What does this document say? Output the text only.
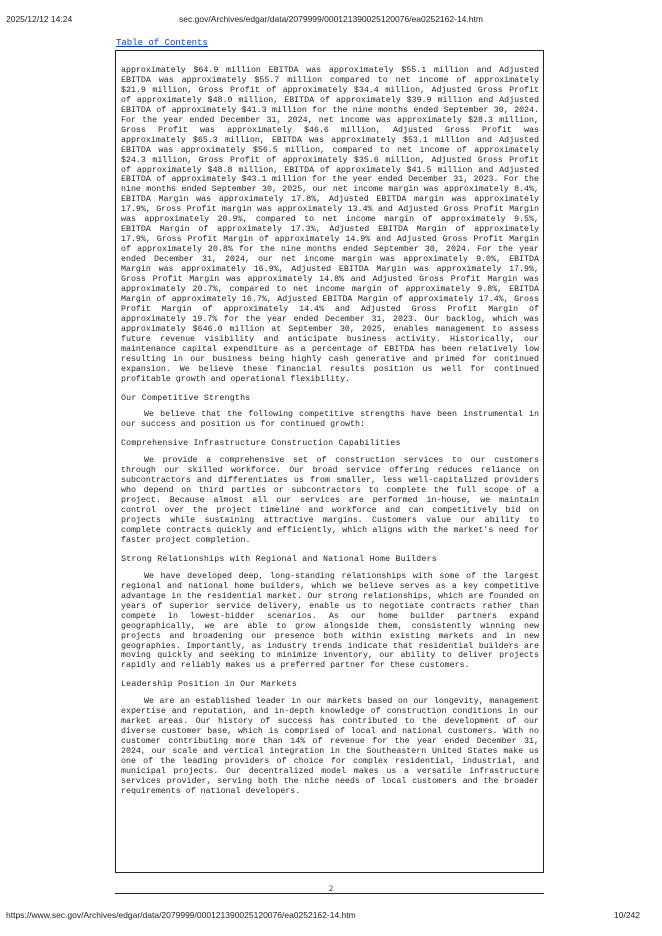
2025/12/12 14:24	sec.gov/Archives/edgar/data/2079999/000121390025120076/ea0252162-14.htm
Table of Contents

approximately $64.9 million EBITDA was approximately $55.1 million and Adjusted EBITDA was approximately $55.7 million compared to net income of approximately $21.9 million, Gross Profit of approximately $34.4 million, Adjusted Gross Profit of approximately $48.0 million, EBITDA of approximately $39.9 million and Adjusted EBITDA of approximately $41.3 million for the nine months ended September 30, 2024. For the year ended December 31, 2024, net income was approximately $28.3 million, Gross Profit was approximately $46.6 million, Adjusted Gross Profit was approximately $65.3 million, EBITDA was approximately $53.1 million and Adjusted EBITDA was approximately $56.5 million, compared to net income of approximately $24.3 million, Gross Profit of approximately $35.6 million, Adjusted Gross Profit of approximately $48.8 million, EBITDA of approximately $41.5 million and Adjusted EBITDA of approximately $43.1 million for the year ended December 31, 2023. For the nine months ended September 30, 2025, our net income margin was approximately 8.4%, EBITDA Margin was approximately 17.8%, Adjusted EBITDA margin was approximately 17.9%, Gross Profit margin was approximately 13.4% and Adjusted Gross Profit Margin was approximately 20.9%, compared to net income margin of approximately 9.5%, EBITDA Margin of approximately 17.3%, Adjusted EBITDA Margin of approximately 17.9%, Gross Profit Margin of approximately 14.9% and Adjusted Gross Profit Margin of approximately 20.8% for the nine months ended September 30, 2024. For the year ended December 31, 2024, our net income margin was approximately 9.0%, EBITDA Margin was approximately 16.9%, Adjusted EBITDA Margin was approximately 17.9%, Gross Profit Margin was approximately 14.8% and Adjusted Gross Profit Margin was approximately 20.7%, compared to net income margin of approximately 9.8%, EBITDA Margin of approximately 16.7%, Adjusted EBITDA Margin of approximately 17.4%, Gross Profit Margin of approximately 14.4% and Adjusted Gross Profit Margin of approximately 19.7% for the year ended December 31, 2023. Our backlog, which was approximately $646.0 million at September 30, 2025, enables management to assess future revenue visibility and anticipate business activity. Historically, our maintenance capital expenditure as a percentage of EBITDA has been relatively low resulting in our business being highly cash generative and primed for continued expansion. We believe these financial results position us well for continued profitable growth and operational flexibility.

Our Competitive Strengths

We believe that the following competitive strengths have been instrumental in our success and position us for continued growth:

Comprehensive Infrastructure Construction Capabilities

We provide a comprehensive set of construction services to our customers through our skilled workforce. Our broad service offering reduces reliance on subcontractors and differentiates us from smaller, less well-capitalized providers who depend on third parties or subcontractors to complete the full scope of a project. Because almost all our services are performed in-house, we maintain control over the project timeline and workforce and can competitively bid on projects while sustaining attractive margins. Customers value our ability to complete contracts quickly and efficiently, which aligns with the market’s need for faster project completion.

Strong Relationships with Regional and National Home Builders

We have developed deep, long-standing relationships with some of the largest regional and national home builders, which we believe serves as a key competitive advantage in the residential market. Our strong relationships, which are founded on years of superior service delivery, enable us to negotiate contracts rather than compete in lowest-bidder scenarios. As our home builder partners expand geographically, we are able to grow alongside them, consistently winning new projects and broadening our presence both within existing markets and in new geographies. Importantly, as industry trends indicate that residential builders are moving quickly and seeking to minimize inventory, our ability to deliver projects rapidly and reliably makes us a preferred partner for these customers.

Leadership Position in Our Markets

We are an established leader in our markets based on our longevity, management expertise and reputation, and in-depth knowledge of construction conditions in our market areas. Our history of success has contributed to the development of our diverse customer base, which is comprised of local and national customers. With no customer contributing more than 14% of revenue for the year ended December 31, 2024, our scale and vertical integration in the Southeastern United States make us one of the leading providers of choice for complex residential, industrial, and municipal projects. Our decentralized model makes us a versatile infrastructure services provider, serving both the niche needs of local customers and the broader requirements of national developers.

2
https://www.sec.gov/Archives/edgar/data/2079999/000121390025120076/ea0252162-14.htm	10/242
